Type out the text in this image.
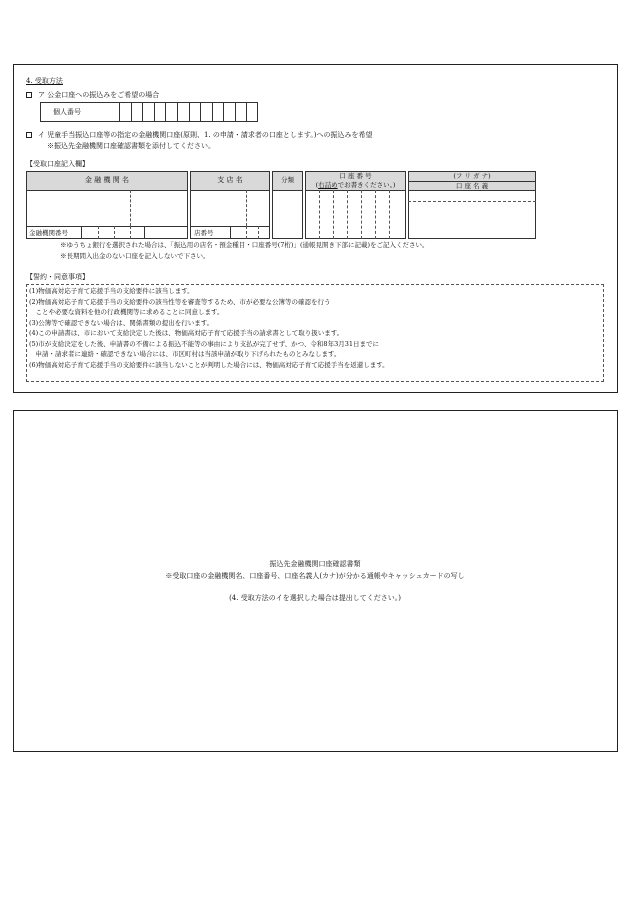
4. 受取方法
ア 公金口座への振込みをご希望の場合
個人番号
イ 児童手当振込口座等の指定の金融機関口座(原則、1. の申請・請求者の口座とします。)への振込みを希望
※振込先金融機関口座確認書類を添付してください。
【受取口座記入欄】
金 融 機 関 名
金融機関番号
支 店 名
店番号
分類	口 座 番 号
(右詰めでお書きください。)
(フ リ ガ ナ)
口 座 名 義
※ゆうちょ銀行を選択された場合は、「振込用の店名・預金種目・口座番号(7桁)」(通帳見開き下部に記載)をご記入ください。
※長期間入出金のない口座を記入しないで下さい。
【誓約・同意事項】
(1)物価高対応子育て応援手当の支給要件に該当します。
(2)物価高対応子育て応援手当の支給要件の該当性等を審査等するため、市が必要な公簿等の確認を行う
　ことや必要な資料を他の行政機関等に求めることに同意します。
(3)公簿等で確認できない場合は、関係書類の提出を行います。
(4)この申請書は、市において支給決定した後は、物価高対応子育て応援手当の請求書として取り扱います。
(5)市が支給決定をした後、申請書の不備による振込不能等の事由により支払が完了せず、かつ、令和8年3月31日までに
　申請・請求者に連絡・確認できない場合には、市区町村は当該申請が取り下げられたものとみなします。
(6)物価高対応子育て応援手当の支給要件に該当しないことが判明した場合には、物価高対応子育て応援手当を返還します。
振込先金融機関口座確認書類
※受取口座の金融機関名、口座番号、口座名義人(カナ)が分かる通帳やキャッシュカードの写し
(4. 受取方法のイを選択した場合は提出してください。)
